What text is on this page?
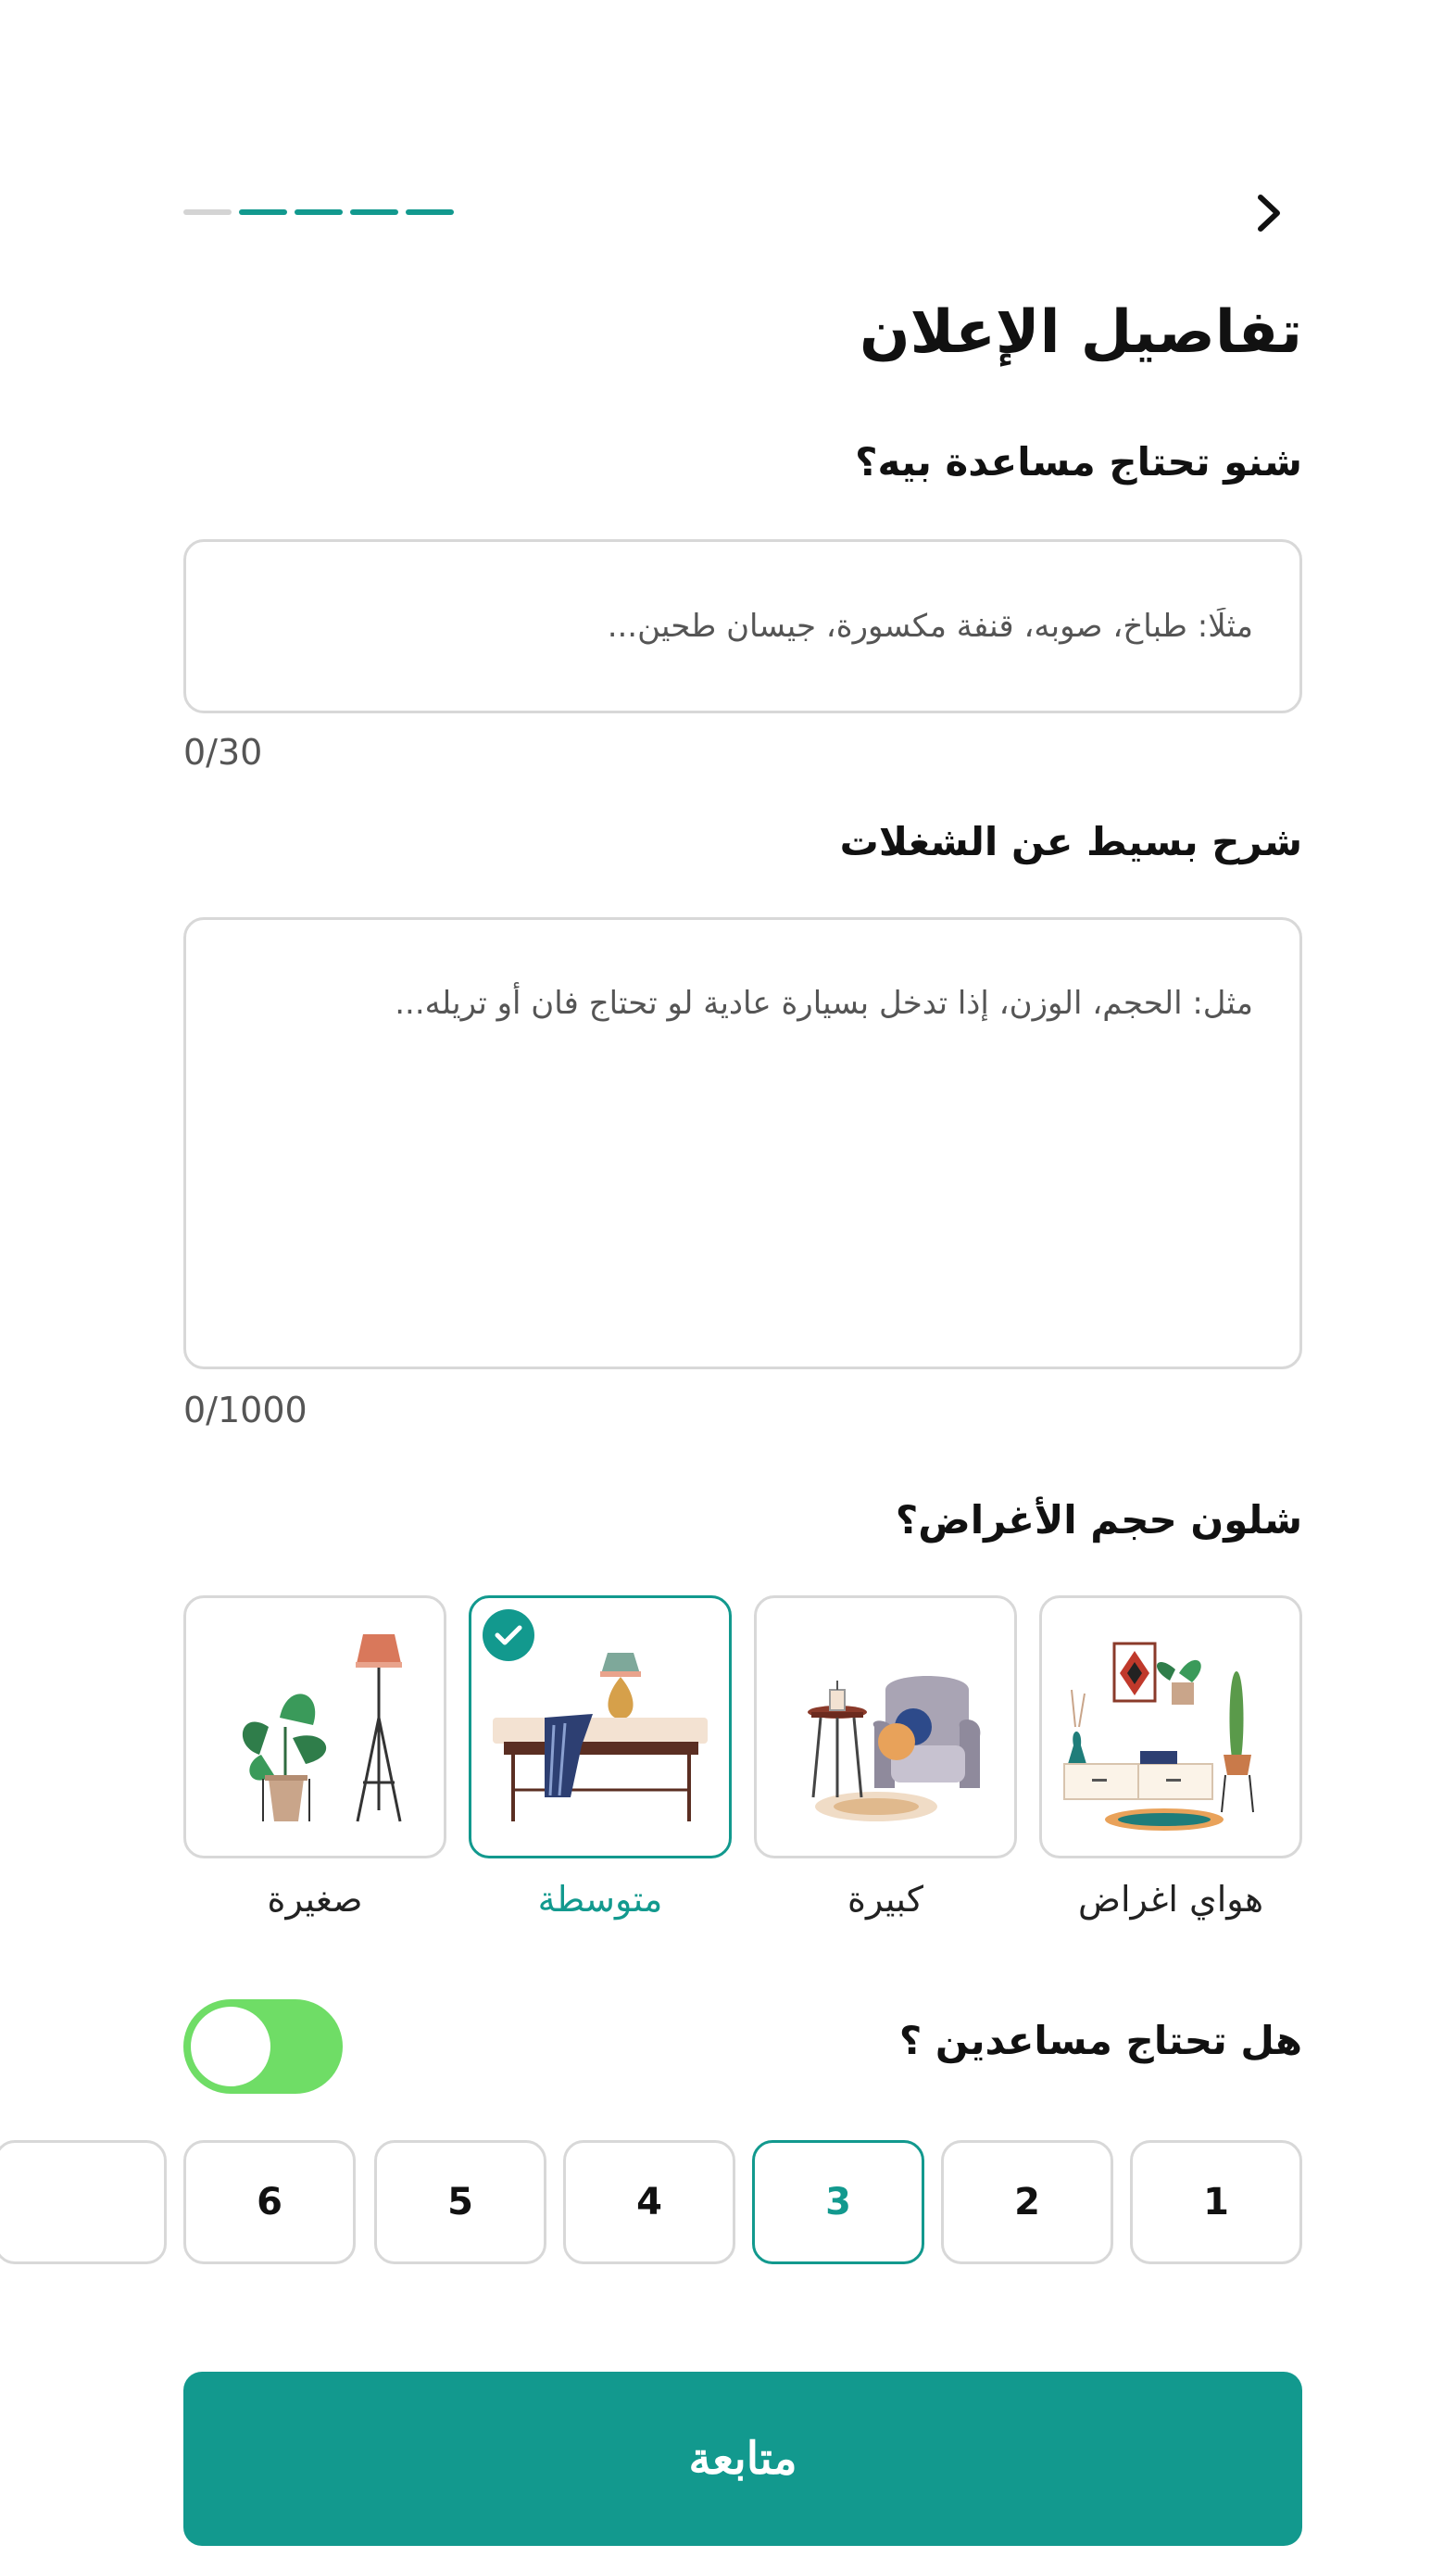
تفاصيل الإعلان
شنو تحتاج مساعدة بيه؟
مثلًا: طباخ، صوبه، قنفة مكسورة، جيسان طحين...
0/30
شرح بسيط عن الشغلات
مثل: الحجم، الوزن، إذا تدخل بسيارة عادية لو تحتاج فان أو تريله...
0/1000
شلون حجم الأغراض؟
صغيرة	متوسطة	كبيرة	هواي اغراض
هل تحتاج مساعدين ؟
1
2
3
4
5
6
متابعة
